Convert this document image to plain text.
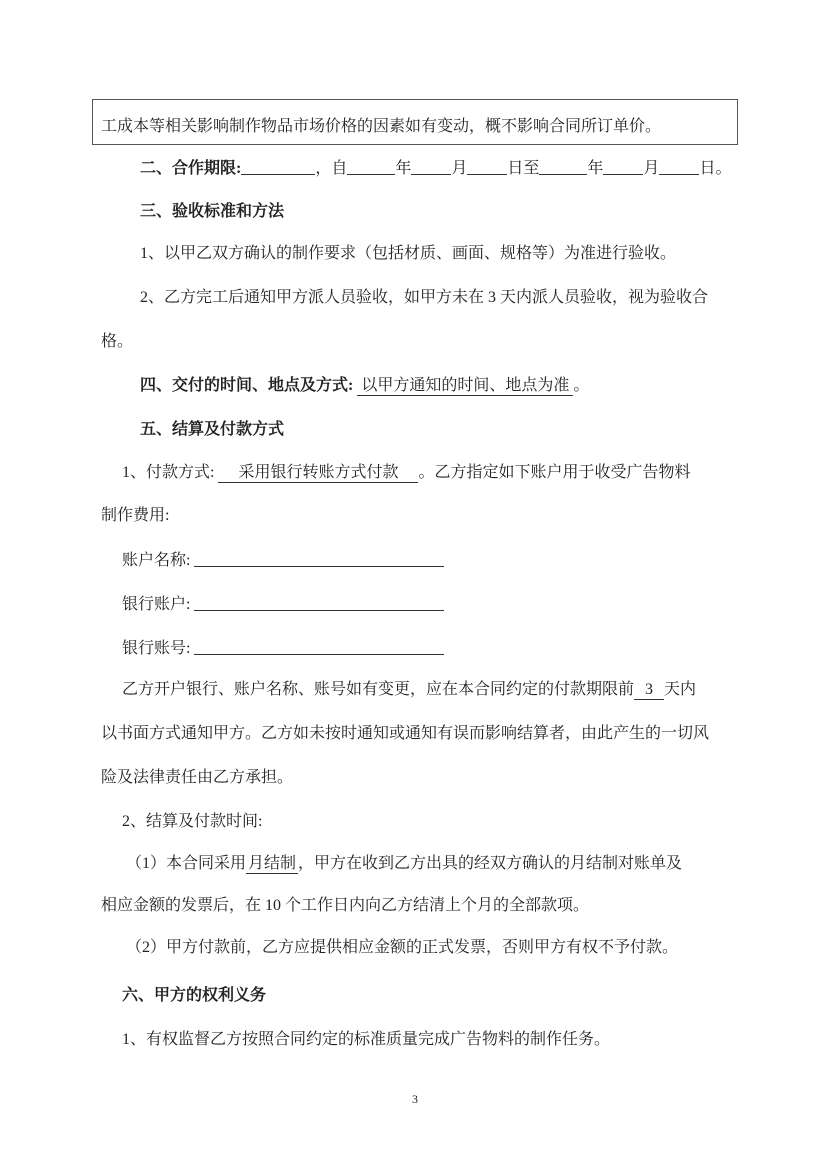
工成本等相关影响制作物品市场价格的因素如有变动，概不影响合同所订单价。
二、合作期限:	，自	年	月	日至	年	月	日。
三、验收标准和方法
1、以甲乙双方确认的制作要求（包括材质、画面、规格等）为准进行验收。
2、乙方完工后通知甲方派人员验收，如甲方未在 3 天内派人员验收，视为验收合
格。
四、交付的时间、地点及方式: 以甲方通知的时间、地点为准 。
五、结算及付款方式
1、付款方式: 采用银行转账方式付款 。乙方指定如下账户用于收受广告物料
制作费用:
账户名称:
银行账户:
银行账号:
乙方开户银行、账户名称、账号如有变更，应在本合同约定的付款期限前 3 天内
以书面方式通知甲方。乙方如未按时通知或通知有误而影响结算者，由此产生的一切风
险及法律责任由乙方承担。
2、结算及付款时间:
（1）本合同采用 月结制 ，甲方在收到乙方出具的经双方确认的月结制对账单及
相应金额的发票后，在 10 个工作日内向乙方结清上个月的全部款项。
（2）甲方付款前，乙方应提供相应金额的正式发票，否则甲方有权不予付款。
六、甲方的权利义务
1、有权监督乙方按照合同约定的标准质量完成广告物料的制作任务。
3
